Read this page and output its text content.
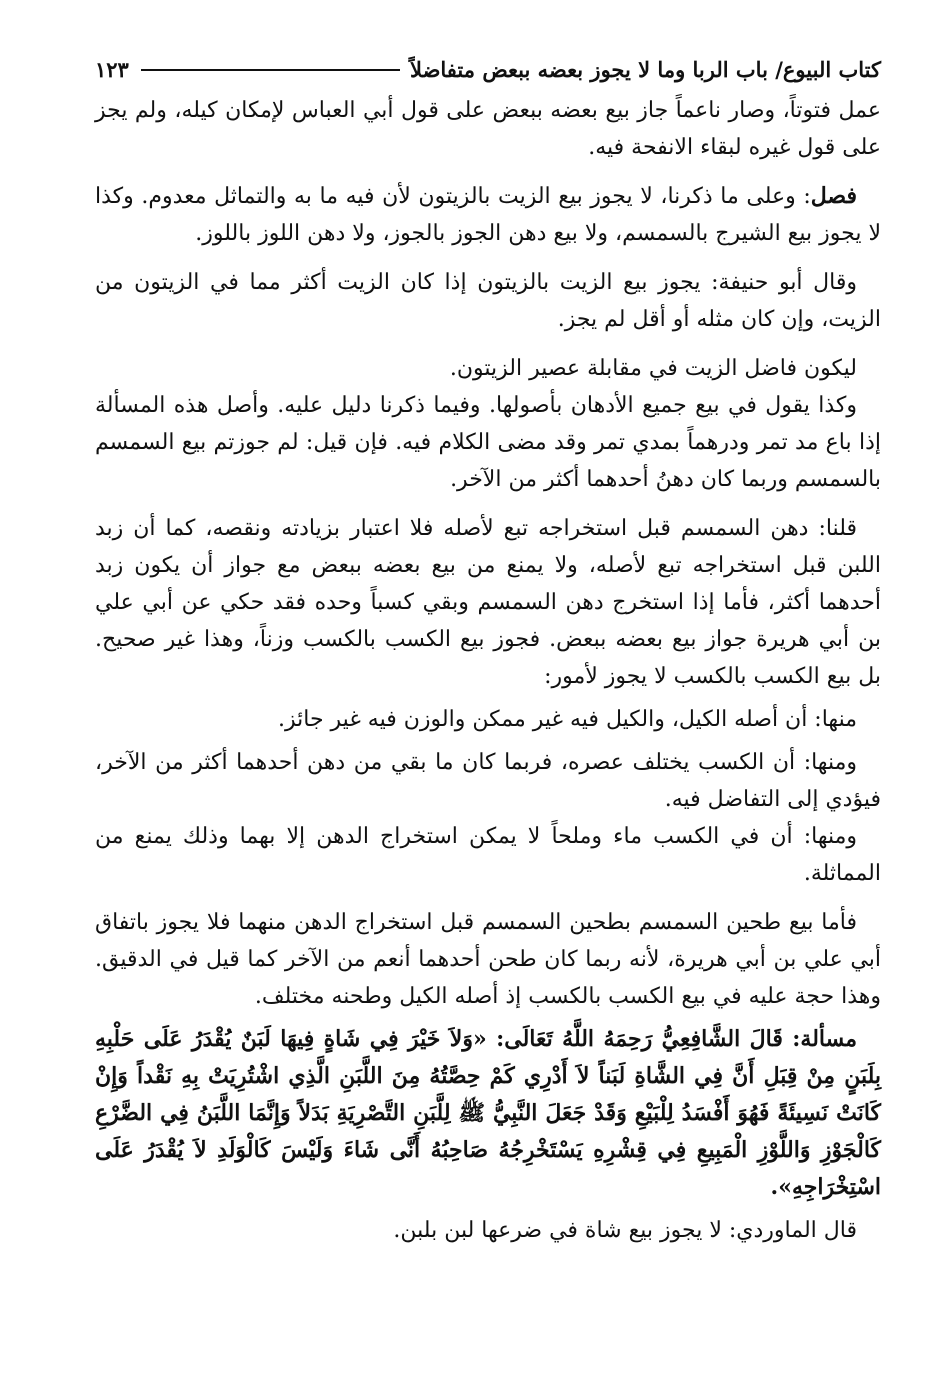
كتاب البيوع/ باب الربا وما لا يجوز بعضه ببعض متفاضلاً
١٢٣

عمل فتوتاً، وصار ناعماً جاز بيع بعضه ببعض على قول أبي العباس لإمكان كيله، ولم يجز على قول غيره لبقاء الانفحة فيه.

فصل: وعلى ما ذكرنا، لا يجوز بيع الزيت بالزيتون لأن فيه ما به والتماثل معدوم. وكذا لا يجوز بيع الشيرج بالسمسم، ولا بيع دهن الجوز بالجوز، ولا دهن اللوز باللوز.

وقال أبو حنيفة: يجوز بيع الزيت بالزيتون إذا كان الزيت أكثر مما في الزيتون من الزيت، وإن كان مثله أو أقل لم يجز.

ليكون فاضل الزيت في مقابلة عصير الزيتون.

وكذا يقول في بيع جميع الأدهان بأصولها. وفيما ذكرنا دليل عليه. وأصل هذه المسألة إذا باع مد تمر ودرهماً بمدي تمر وقد مضى الكلام فيه. فإن قيل: لم جوزتم بيع السمسم بالسمسم وربما كان دهنُ أحدهما أكثر من الآخر.

قلنا: دهن السمسم قبل استخراجه تبع لأصله فلا اعتبار بزيادته ونقصه، كما أن زبد اللبن قبل استخراجه تبع لأصله، ولا يمنع من بيع بعضه ببعض مع جواز أن يكون زبد أحدهما أكثر، فأما إذا استخرج دهن السمسم وبقي كسباً وحده فقد حكي عن أبي علي بن أبي هريرة جواز بيع بعضه ببعض. فجوز بيع الكسب بالكسب وزناً، وهذا غير صحيح. بل بيع الكسب بالكسب لا يجوز لأمور:

منها: أن أصله الكيل، والكيل فيه غير ممكن والوزن فيه غير جائز.

ومنها: أن الكسب يختلف عصره، فربما كان ما بقي من دهن أحدهما أكثر من الآخر، فيؤدي إلى التفاضل فيه.

ومنها: أن في الكسب ماء وملحاً لا يمكن استخراج الدهن إلا بهما وذلك يمنع من المماثلة.

فأما بيع طحين السمسم بطحين السمسم قبل استخراج الدهن منهما فلا يجوز باتفاق أبي علي بن أبي هريرة، لأنه ربما كان طحن أحدهما أنعم من الآخر كما قيل في الدقيق. وهذا حجة عليه في بيع الكسب بالكسب إذ أصله الكيل وطحنه مختلف.

مسألة: قَالَ الشَّافِعِيُّ رَحِمَهُ اللَّهُ تَعَالَى: «وَلاَ خَيْرَ فِي شَاةٍ فِيهَا لَبَنٌ يُقْدَرُ عَلَى حَلْبِهِ بِلَبَنٍ مِنْ قِبَلِ أَنَّ فِي الشَّاةِ لَبَناً لاَ أَدْرِي كَمْ حِصَّتُهُ مِنَ اللَّبَنِ الَّذِي اشْتُرِيَتْ بِهِ نَقْداً وَإِنْ كَانَتْ نَسِيئَةً فَهُوَ أَفْسَدُ لِلْبَيْعِ وَقَدْ جَعَلَ النَّبِيُّ ﷺ لِلَّبَنِ التَّصْرِيَةِ بَدَلاً وَإِنَّمَا اللَّبَنُ فِي الضَّرْعِ كَالْجَوْزِ وَاللَّوْزِ الْمَبِيعِ فِي قِشْرِهِ يَسْتَخْرِجُهُ صَاحِبُهُ أَنَّى شَاءَ وَلَيْسَ كَالْوَلَدِ لاَ يُقْدَرُ عَلَى اسْتِخْرَاجِهِ».

قال الماوردي: لا يجوز بيع شاة في ضرعها لبن بلبن.
